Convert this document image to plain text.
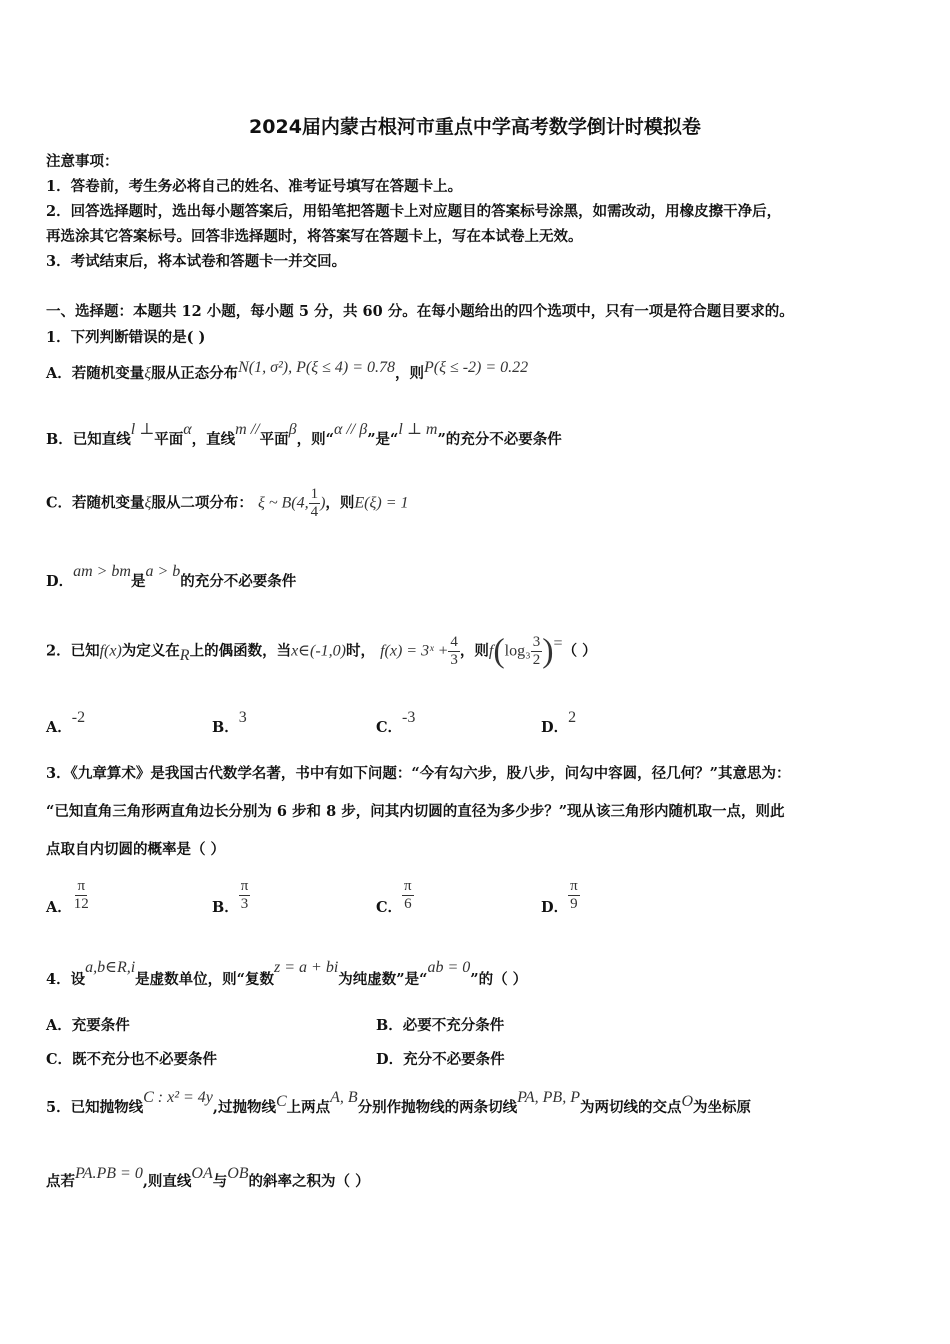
2024届内蒙古根河市重点中学高考数学倒计时模拟卷
注意事项：
1．答卷前，考生务必将自己的姓名、准考证号填写在答题卡上。
2．回答选择题时，选出每小题答案后，用铅笔把答题卡上对应题目的答案标号涂黑，如需改动，用橡皮擦干净后，
再选涂其它答案标号。回答非选择题时，将答案写在答题卡上，写在本试卷上无效。
3．考试结束后，将本试卷和答题卡一并交回。
一、选择题：本题共 12 小题，每小题 5 分，共 60 分。在每小题给出的四个选项中，只有一项是符合题目要求的。
1．下列判断错误的是( )
A．若随机变量ξ服从正态分布N(1, σ²), P(ξ ≤ 4) = 0.78，则P(ξ ≤ -2) = 0.22
B．已知直线l ⊥平面α，直线m //平面β，则“α // β”是“l ⊥ m”的充分不必要条件
C．若随机变量ξ服从二项分布： ξ ~ B(4, $\frac{1}{4}$ )，则E(ξ) = 1
D．am > bm是a > b的充分不必要条件
2．已知f(x)为定义在R上的偶函数，当x∈(-1,0)时， f(x) = 3ˣ + $\frac{4}{3}$ ，则$f(\log_3 \frac{3}{2}$ )=（ ）
A．-2
B．3
C．-3
D．2
3．《九章算术》是我国古代数学名著，书中有如下问题：“今有勾六步，股八步，问勾中容圆，径几何？”其意思为：
“已知直角三角形两直角边长分别为 6 步和 8 步，问其内切圆的直径为多少步？”现从该三角形内随机取一点，则此
点取自内切圆的概率是（ ）
A． $\frac{\pi}{12}$	B． $\frac{\pi}{3}$	C． $\frac{\pi}{6}$	D． $\frac{\pi}{9}$
4．设a,b∈R,i是虚数单位，则“复数z = a + bi为纯虚数”是“ab = 0”的（ ）
A．充要条件	B．必要不充分条件
C．既不充分也不必要条件	D．充分不必要条件
5．已知抛物线C : x² = 4y,过抛物线C上两点A, B分别作抛物线的两条切线PA, PB, P为两切线的交点O为坐标原
点若PA.PB = 0,则直线OA与OB的斜率之积为（ ）
